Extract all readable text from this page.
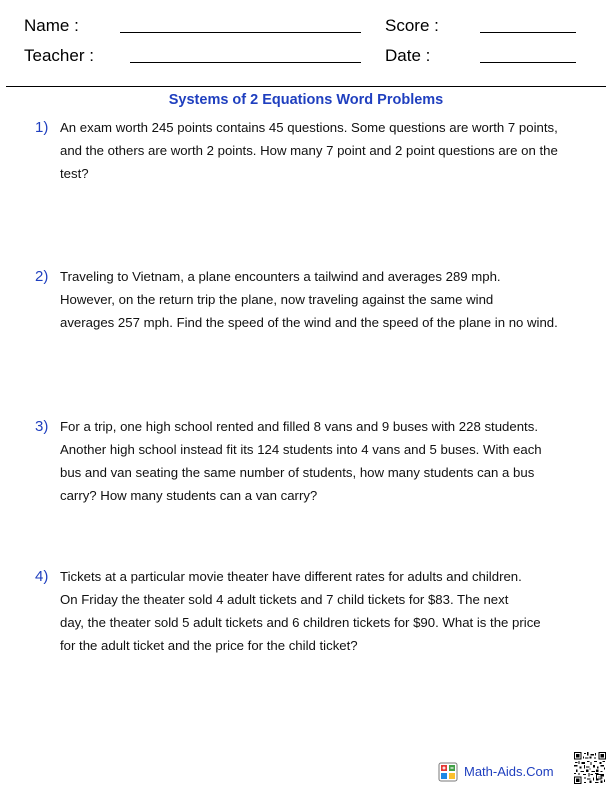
Name :	Score :
Teacher :	Date :
Systems of 2 Equations Word Problems
1) An exam worth 245 points contains 45 questions. Some questions are worth 7 points,
and the others are worth 2 points. How many 7 point and 2 point questions are on the
test?
2) Traveling to Vietnam, a plane encounters a tailwind and averages 289 mph.
However, on the return trip the plane, now traveling against the same wind
averages 257 mph. Find the speed of the wind and the speed of the plane in no wind.
3) For a trip, one high school rented and filled 8 vans and 9 buses with 228 students.
Another high school instead fit its 124 students into 4 vans and 5 buses. With each
bus and van seating the same number of students, how many students can a bus
carry? How many students can a van carry?
4) Tickets at a particular movie theater have different rates for adults and children.
On Friday the theater sold 4 adult tickets and 7 child tickets for $83. The next
day, the theater sold 5 adult tickets and 6 children tickets for $90. What is the price
for the adult ticket and the price for the child ticket?
Math-Aids.Com
